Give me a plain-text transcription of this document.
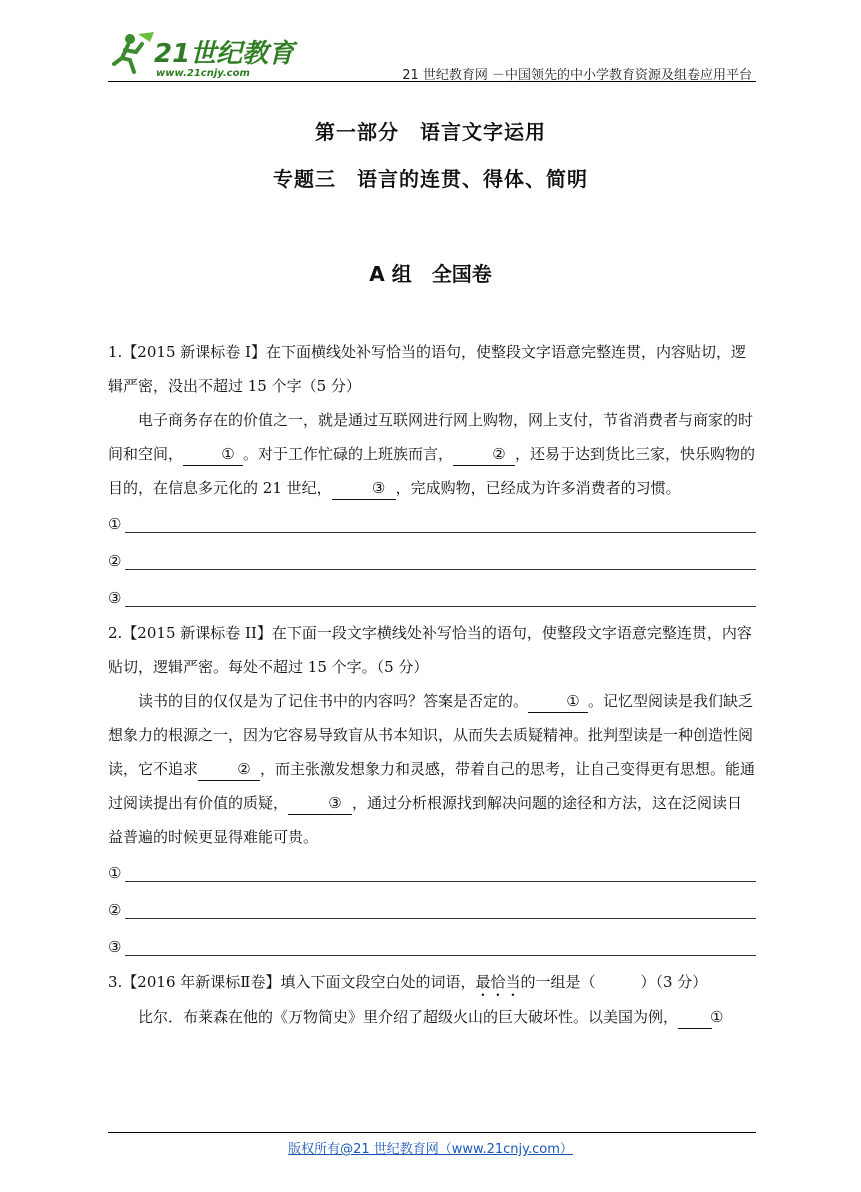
21世纪教育
www.21cnjy.com	21 世纪教育网 －中国领先的中小学教育资源及组卷应用平台
第一部分　语言文字运用
专题三　语言的连贯、得体、简明
A 组　全国卷

1.【2015 新课标卷 I】在下面横线处补写恰当的语句，使整段文字语意完整连贯，内容贴切，逻辑严密，没出不超过 15 个字（5 分）

电子商务存在的价值之一，就是通过互联网进行网上购物，网上支付，节省消费者与商家的时间和空间，	① 。对于工作忙碌的上班族而言，	② ，还易于达到货比三家，快乐购物的目的，在信息多元化的 21 世纪，	③ ，完成购物，已经成为许多消费者的习惯。

①
②
③

2.【2015 新课标卷 II】在下面一段文字横线处补写恰当的语句，使整段文字语意完整连贯，内容贴切，逻辑严密。每处不超过 15 个字。（5 分）

读书的目的仅仅是为了记住书中的内容吗？答案是否定的。	① 。记忆型阅读是我们缺乏想象力的根源之一，因为它容易导致盲从书本知识，从而失去质疑精神。批判型读是一种创造性阅读，它不追求	② ，而主张激发想象力和灵感，带着自己的思考，让自己变得更有思想。能通过阅读提出有价值的质疑，	③ ，通过分析根源找到解决问题的途径和方法，这在泛阅读日益普遍的时候更显得难能可贵。

①
②
③

3.【2016 年新课标Ⅱ卷】填入下面文段空白处的词语，最恰当的一组是（　　　）（3 分）

比尔．布莱森在他的《万物简史》里介绍了超级火山的巨大破坏性。以美国为例， ①

版权所有@21 世纪教育网（www.21cnjy.com）
